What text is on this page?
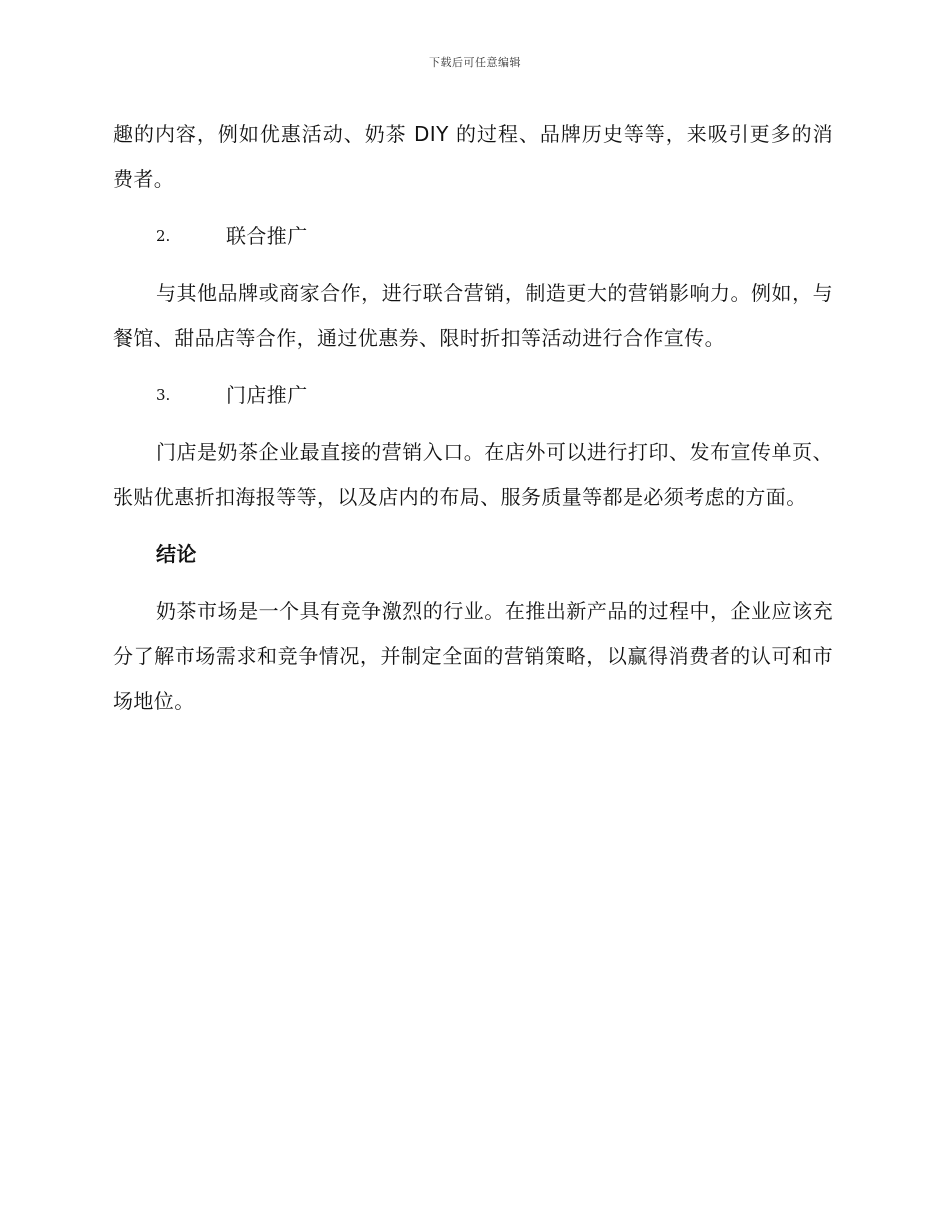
下载后可任意编辑

趣的内容，例如优惠活动、奶茶 DIY 的过程、品牌历史等等，来吸引更多的消费者。

2.	联合推广

与其他品牌或商家合作，进行联合营销，制造更大的营销影响力。例如，与餐馆、甜品店等合作，通过优惠券、限时折扣等活动进行合作宣传。

3.	门店推广

门店是奶茶企业最直接的营销入口。在店外可以进行打印、发布宣传单页、张贴优惠折扣海报等等，以及店内的布局、服务质量等都是必须考虑的方面。

结论

奶茶市场是一个具有竞争激烈的行业。在推出新产品的过程中，企业应该充分了解市场需求和竞争情况，并制定全面的营销策略，以赢得消费者的认可和市场地位。
